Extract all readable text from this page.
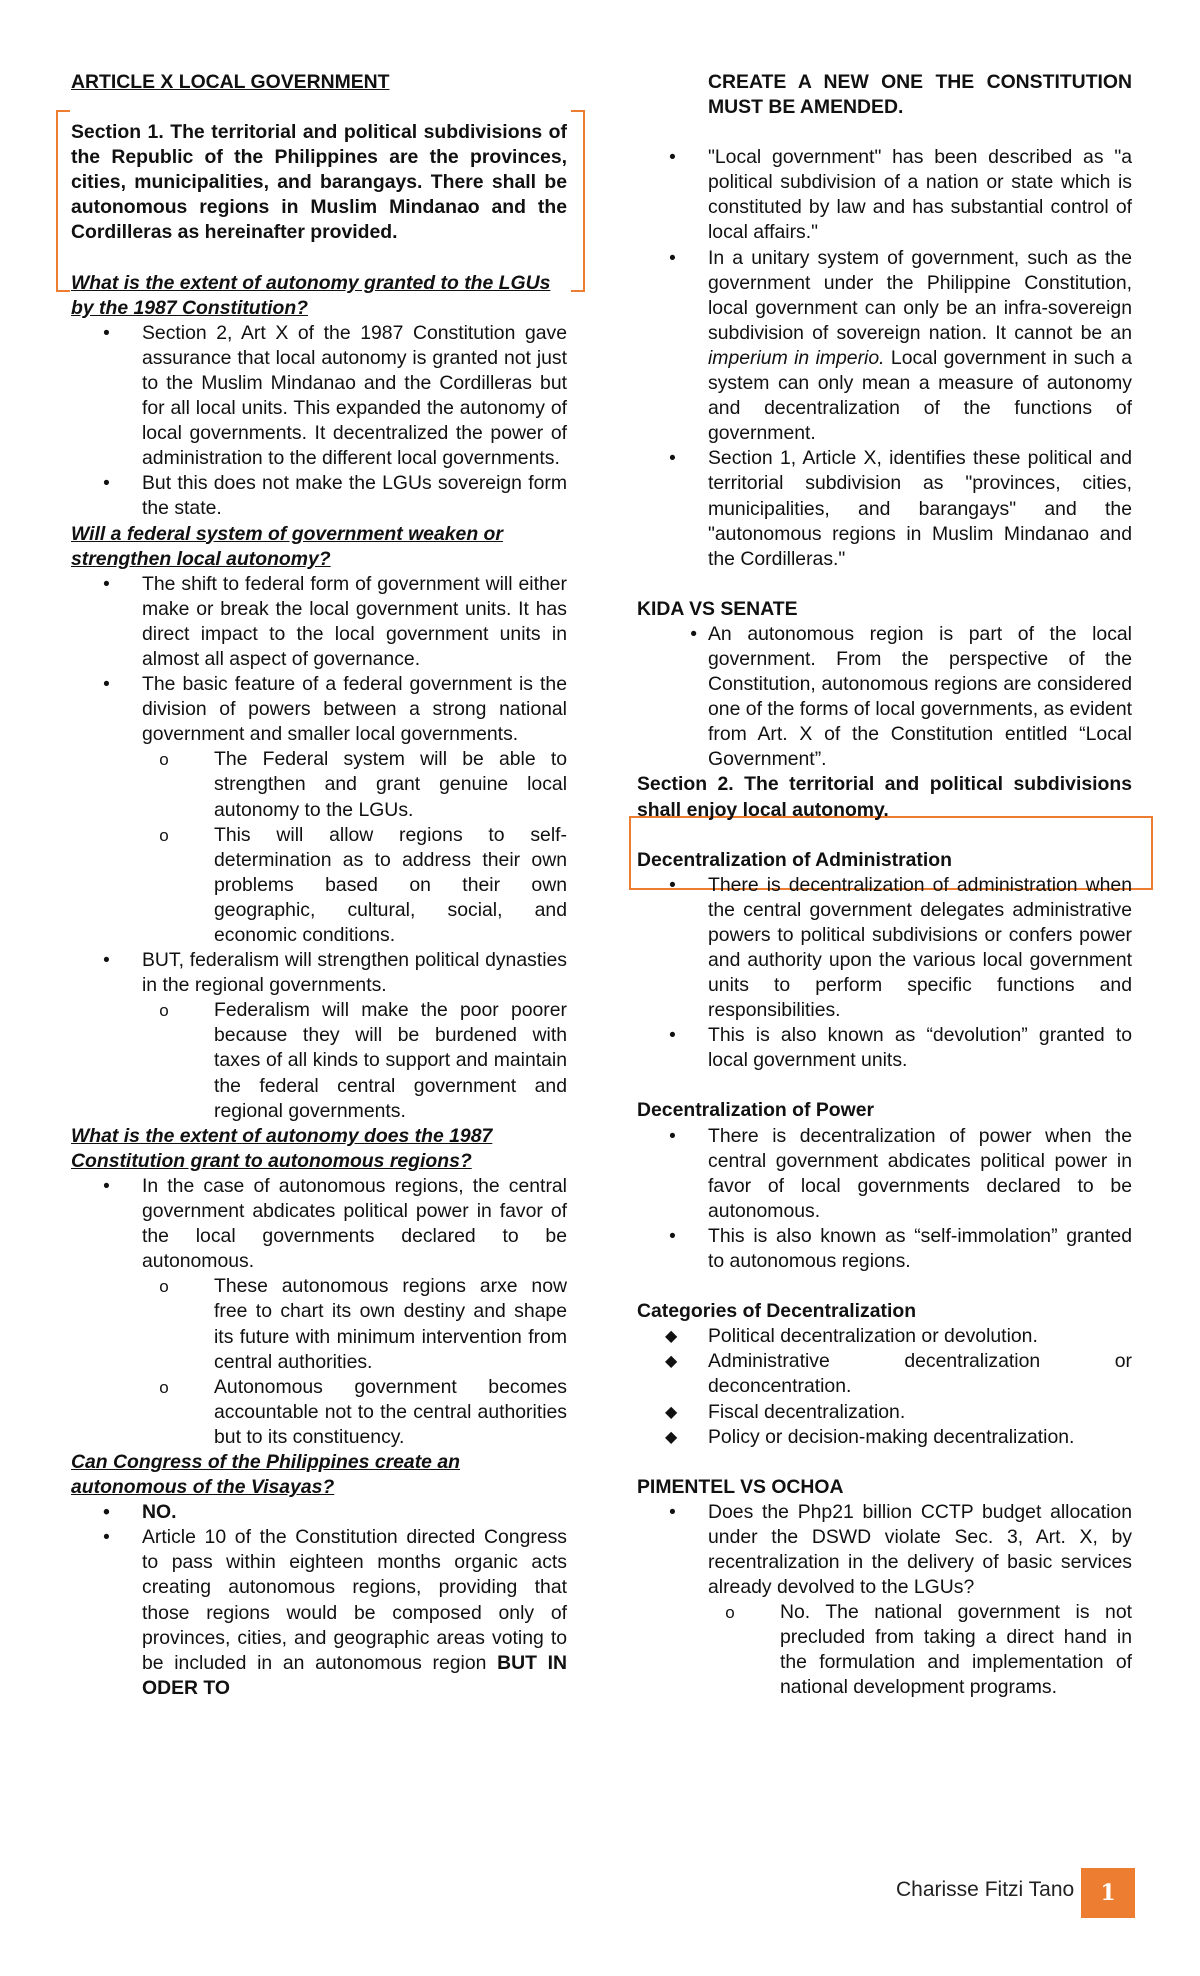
ARTICLE X LOCAL GOVERNMENT

Section 1. The territorial and political subdivisions of the Republic of the Philippines are the provinces, cities, municipalities, and barangays. There shall be autonomous regions in Muslim Mindanao and the Cordilleras as hereinafter provided.

What is the extent of autonomy granted to the LGUs by the 1987 Constitution?

•
Section 2, Art X of the 1987 Constitution gave assurance that local autonomy is granted not just to the Muslim Mindanao and the Cordilleras but for all local units. This expanded the autonomy of local governments. It decentralized the power of administration to the different local governments.
•
But this does not make the LGUs sovereign form the state.

Will a federal system of government weaken or strengthen local autonomy?

•
The shift to federal form of government will either make or break the local government units. It has direct impact to the local government units in almost all aspect of governance.
•
The basic feature of a federal government is the division of powers between a strong national government and smaller local governments.
o	The Federal system will be able to strengthen and grant genuine local autonomy to the LGUs.
o	This will allow regions to self-determination as to address their own problems based on their own geographic, cultural, social, and economic conditions.
•
BUT, federalism will strengthen political dynasties in the regional governments.
o	Federalism will make the poor poorer because they will be burdened with taxes of all kinds to support and maintain the federal central government and regional governments.

What is the extent of autonomy does the 1987 Constitution grant to autonomous regions?

•
In the case of autonomous regions, the central government abdicates political power in favor of the local governments declared to be autonomous.
o	These autonomous regions arxe now free to chart its own destiny and shape its future with minimum intervention from central authorities.
o	Autonomous government becomes accountable not to the central authorities but to its constituency.

Can Congress of the Philippines create an autonomous of the Visayas?

•
NO.
•
Article 10 of the Constitution directed Congress to pass within eighteen months organic acts creating autonomous regions, providing that those regions would be composed only of provinces, cities, and geographic areas voting to be included in an autonomous region BUT IN ODER TO

CREATE A NEW ONE THE CONSTITUTION MUST BE AMENDED.

•
"Local government" has been described as "a political subdivision of a nation or state which is constituted by law and has substantial control of local affairs."
•
In a unitary system of government, such as the government under the Philippine Constitution, local government can only be an infra-sovereign subdivision of sovereign nation. It cannot be an imperium in imperio. Local government in such a system can only mean a measure of autonomy and decentralization of the functions of government.
•
Section 1, Article X, identifies these political and territorial subdivision as "provinces, cities, municipalities, and barangays" and the "autonomous regions in Muslim Mindanao and the Cordilleras."

KIDA VS SENATE

• An autonomous region is part of the local government. From the perspective of the Constitution, autonomous regions are considered one of the forms of local governments, as evident from Art. X of the Constitution entitled “Local Government”.

Section 2. The territorial and political subdivisions shall enjoy local autonomy.

Decentralization of Administration

•
There is decentralization of administration when the central government delegates administrative powers to political subdivisions or confers power and authority upon the various local government units to perform specific functions and responsibilities.
•
This is also known as “devolution” granted to local government units.

Decentralization of Power

•
There is decentralization of power when the central government abdicates political power in favor of local governments declared to be autonomous.
•
This is also known as “self-immolation” granted to autonomous regions.

Categories of Decentralization

◆ Political decentralization or devolution.
◆ Administrative decentralization or deconcentration.
◆ Fiscal decentralization.
◆ Policy or decision-making decentralization.

PIMENTEL VS OCHOA

•
Does the Php21 billion CCTP budget allocation under the DSWD violate Sec. 3, Art. X, by recentralization in the delivery of basic services already devolved to the LGUs?
o	No. The national government is not precluded from taking a direct hand in the formulation and implementation of national development programs.
Charisse Fitzi Tano	1
